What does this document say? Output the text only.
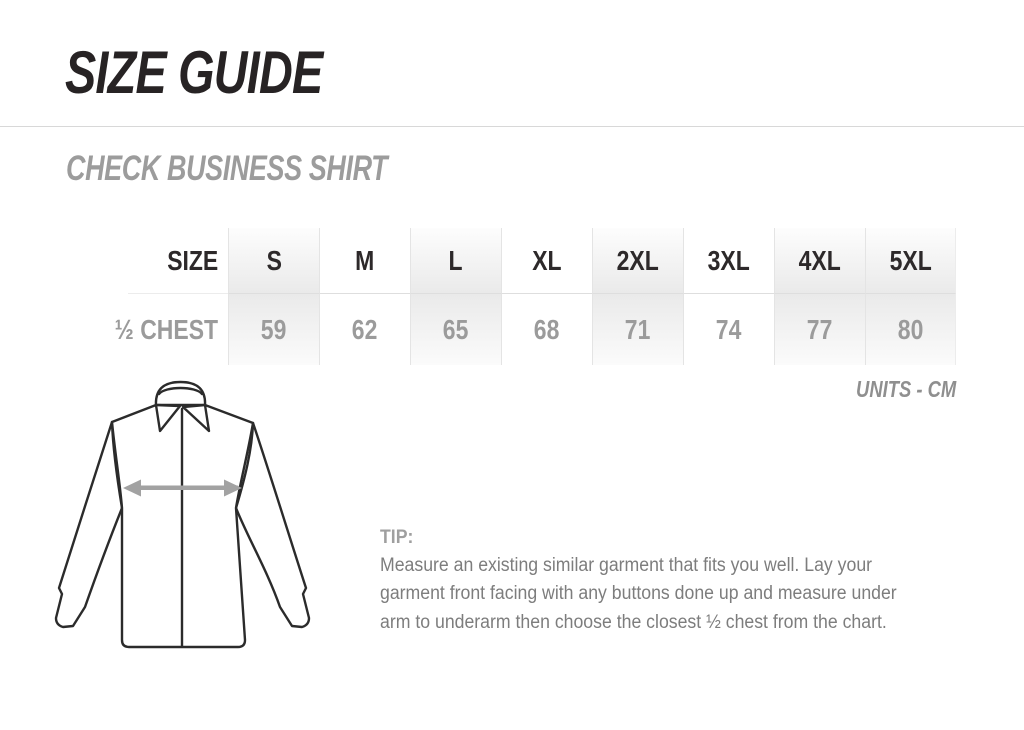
SIZE GUIDE
CHECK BUSINESS SHIRT
SIZE
½ CHEST
S
59
M
62
L
65
XL
68
2XL
71
3XL
74
4XL
77
5XL
80
UNITS - CM
TIP:
Measure an existing similar garment that fits you well. Lay your
garment front facing with any buttons done up and measure under
arm to underarm then choose the closest ½ chest from the chart.
